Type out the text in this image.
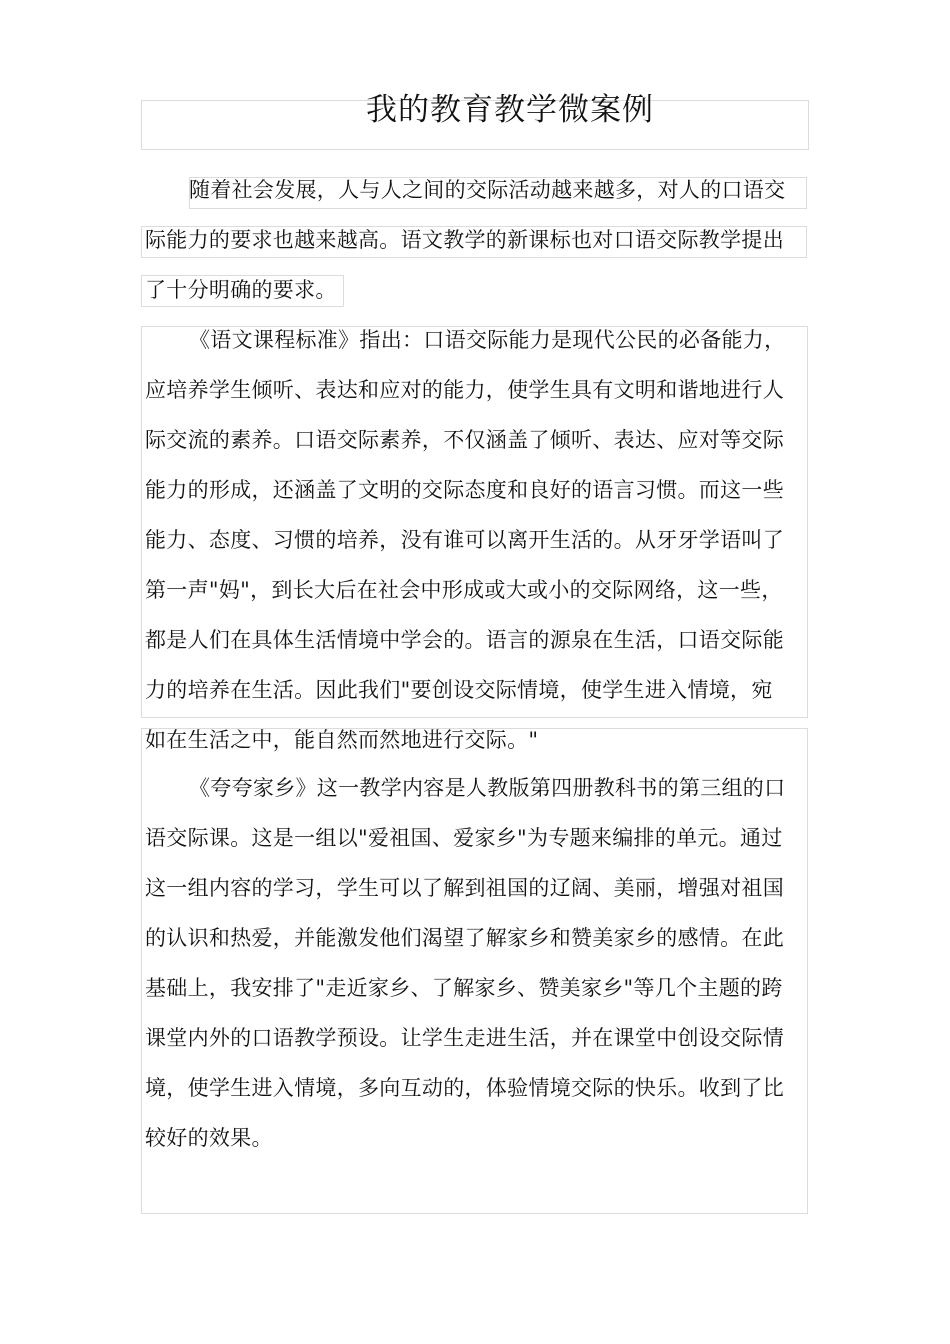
我的教育教学微案例
随着社会发展，人与人之间的交际活动越来越多，对人的口语交
际能力的要求也越来越高。语文教学的新课标也对口语交际教学提出
了十分明确的要求。
《语文课程标准》指出：口语交际能力是现代公民的必备能力，
应培养学生倾听、表达和应对的能力，使学生具有文明和谐地进行人
际交流的素养。口语交际素养，不仅涵盖了倾听、表达、应对等交际
能力的形成，还涵盖了文明的交际态度和良好的语言习惯。而这一些
能力、态度、习惯的培养，没有谁可以离开生活的。从牙牙学语叫了
第一声"妈"，到长大后在社会中形成或大或小的交际网络，这一些，
都是人们在具体生活情境中学会的。语言的源泉在生活，口语交际能
力的培养在生活。因此我们"要创设交际情境，使学生进入情境，宛
如在生活之中，能自然而然地进行交际。"
《夸夸家乡》这一教学内容是人教版第四册教科书的第三组的口
语交际课。这是一组以"爱祖国、爱家乡"为专题来编排的单元。通过
这一组内容的学习，学生可以了解到祖国的辽阔、美丽，增强对祖国
的认识和热爱，并能激发他们渴望了解家乡和赞美家乡的感情。在此
基础上，我安排了"走近家乡、了解家乡、赞美家乡"等几个主题的跨
课堂内外的口语教学预设。让学生走进生活，并在课堂中创设交际情
境，使学生进入情境，多向互动的，体验情境交际的快乐。收到了比
较好的效果。
